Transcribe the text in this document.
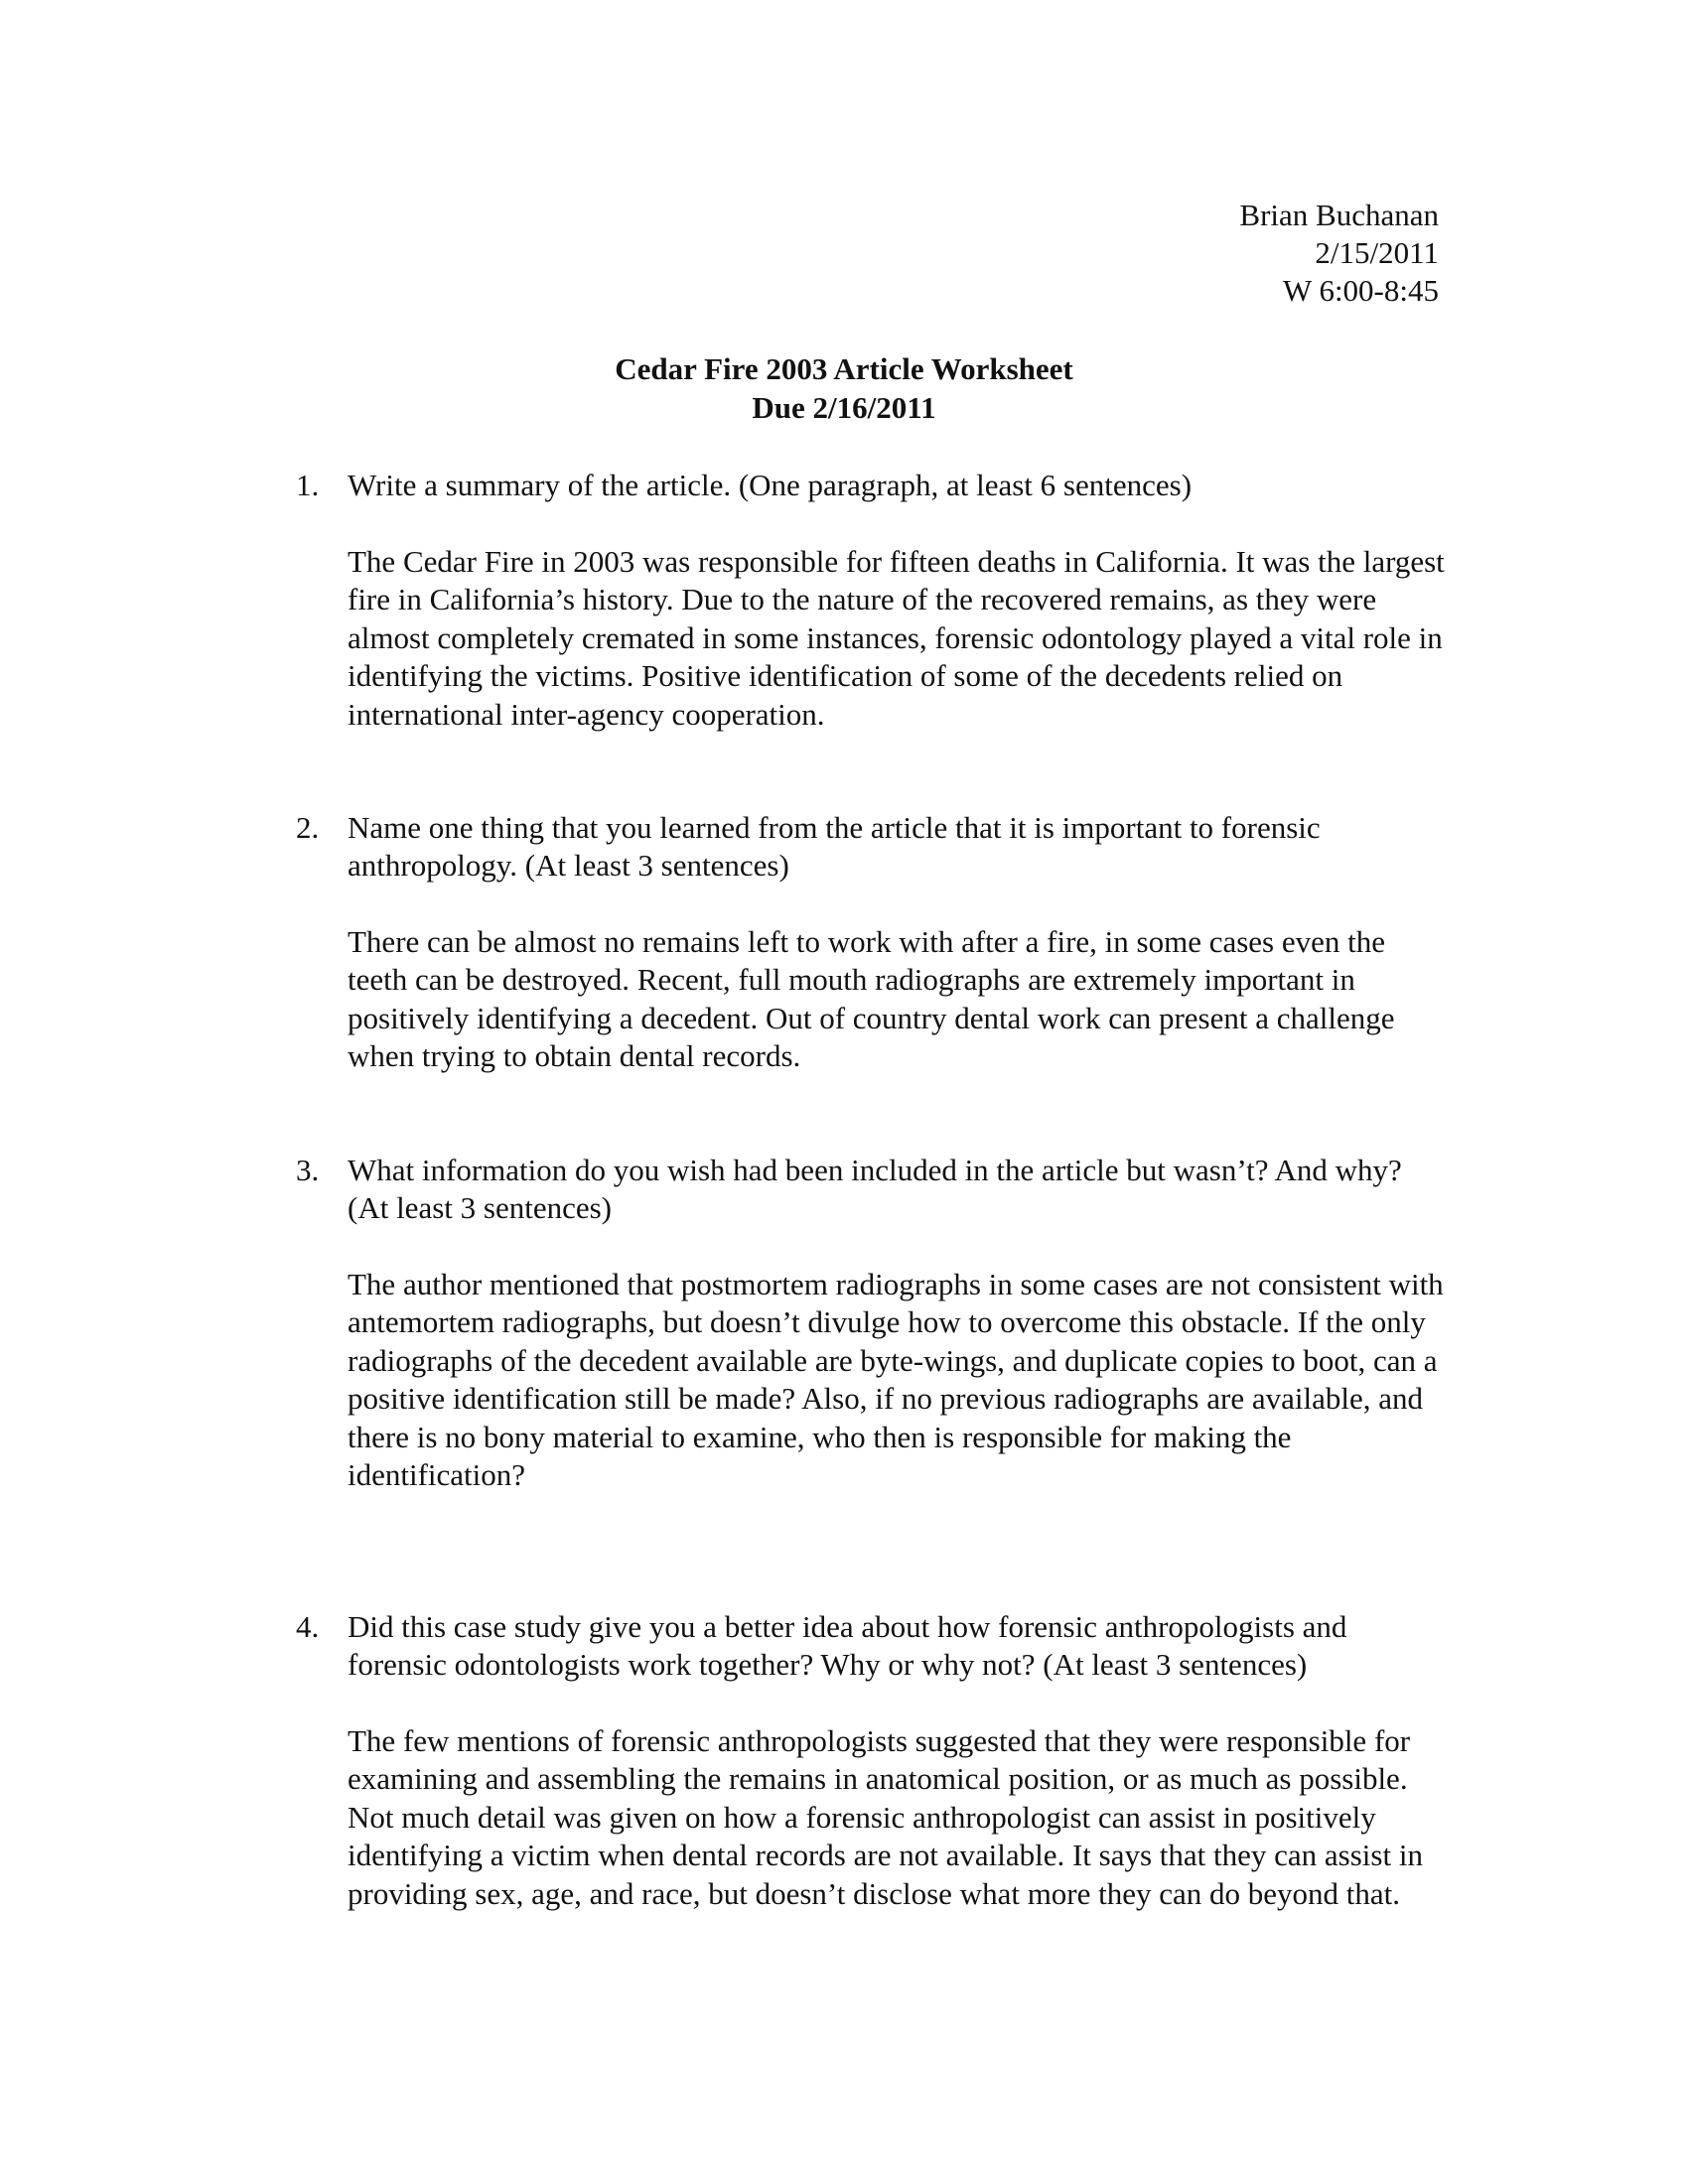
Brian Buchanan
2/15/2011
W 6:00-8:45
Cedar Fire 2003 Article Worksheet
Due 2/16/2011
1. Write a summary of the article. (One paragraph, at least 6 sentences)
The Cedar Fire in 2003 was responsible for fifteen deaths in California. It was the largest fire in California’s history. Due to the nature of the recovered remains, as they were almost completely cremated in some instances, forensic odontology played a vital role in identifying the victims. Positive identification of some of the decedents relied on international inter-agency cooperation.
2. Name one thing that you learned from the article that it is important to forensic anthropology. (At least 3 sentences)
There can be almost no remains left to work with after a fire, in some cases even the teeth can be destroyed. Recent, full mouth radiographs are extremely important in positively identifying a decedent. Out of country dental work can present a challenge when trying to obtain dental records.
3. What information do you wish had been included in the article but wasn’t? And why? (At least 3 sentences)
The author mentioned that postmortem radiographs in some cases are not consistent with antemortem radiographs, but doesn’t divulge how to overcome this obstacle. If the only radiographs of the decedent available are byte-wings, and duplicate copies to boot, can a positive identification still be made? Also, if no previous radiographs are available, and there is no bony material to examine, who then is responsible for making the identification?
4. Did this case study give you a better idea about how forensic anthropologists and forensic odontologists work together? Why or why not? (At least 3 sentences)
The few mentions of forensic anthropologists suggested that they were responsible for examining and assembling the remains in anatomical position, or as much as possible. Not much detail was given on how a forensic anthropologist can assist in positively identifying a victim when dental records are not available. It says that they can assist in providing sex, age, and race, but doesn’t disclose what more they can do beyond that.
